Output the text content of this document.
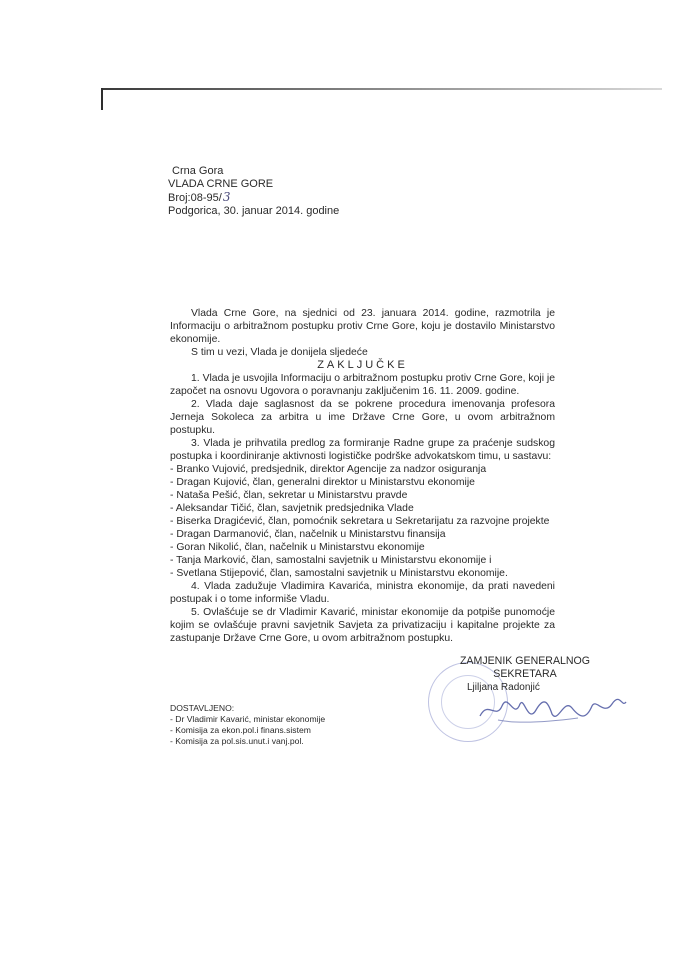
Crna Gora
VLADA CRNE GORE
Broj:08-95/3
Podgorica, 30. januar 2014. godine

Vlada Crne Gore, na sjednici od 23. januara 2014. godine, razmotrila je Informaciju o arbitražnom postupku protiv Crne Gore, koju je dostavilo Ministarstvo ekonomije.

S tim u vezi, Vlada je donijela sljedeće

ZAKLJUČKE

1. Vlada je usvojila Informaciju o arbitražnom postupku protiv Crne Gore, koji je započet na osnovu Ugovora o poravnanju zaključenim 16. 11. 2009. godine.

2. Vlada daje saglasnost da se pokrene procedura imenovanja profesora Jerneja Sokoleca za arbitra u ime Države Crne Gore, u ovom arbitražnom postupku.

3. Vlada je prihvatila predlog za formiranje Radne grupe za praćenje sudskog postupka i koordiniranje aktivnosti logističke podrške advokatskom timu, u sastavu:

- Branko Vujović, predsjednik, direktor Agencije za nadzor osiguranja

- Dragan Kujović, član, generalni direktor u Ministarstvu ekonomije

- Nataša Pešić, član, sekretar u Ministarstvu pravde

- Aleksandar Tičić, član, savjetnik predsjednika Vlade

- Biserka Dragićević, član, pomoćnik sekretara u Sekretarijatu za razvojne projekte

- Dragan Darmanović, član, načelnik u Ministarstvu finansija

- Goran Nikolić, član, načelnik u Ministarstvu ekonomije

- Tanja Marković, član, samostalni savjetnik u Ministarstvu ekonomije i

- Svetlana Stijepović, član, samostalni savjetnik u Ministarstvu ekonomije.

4. Vlada zadužuje Vladimira Kavarića, ministra ekonomije, da prati navedeni postupak i o tome informiše Vladu.

5. Ovlašćuje se dr Vladimir Kavarić, ministar ekonomije da potpiše punomoćje kojim se ovlašćuje pravni savjetnik Savjeta za privatizaciju i kapitalne projekte za zastupanje Države Crne Gore, u ovom arbitražnom postupku.

ZAMJENIK GENERALNOG
SEKRETARA
Ljiljana Radonjić
DOSTAVLJENO:
- Dr Vladimir Kavarić, ministar ekonomije
- Komisija za ekon.pol.i finans.sistem
- Komisija za pol.sis.unut.i vanj.pol.
